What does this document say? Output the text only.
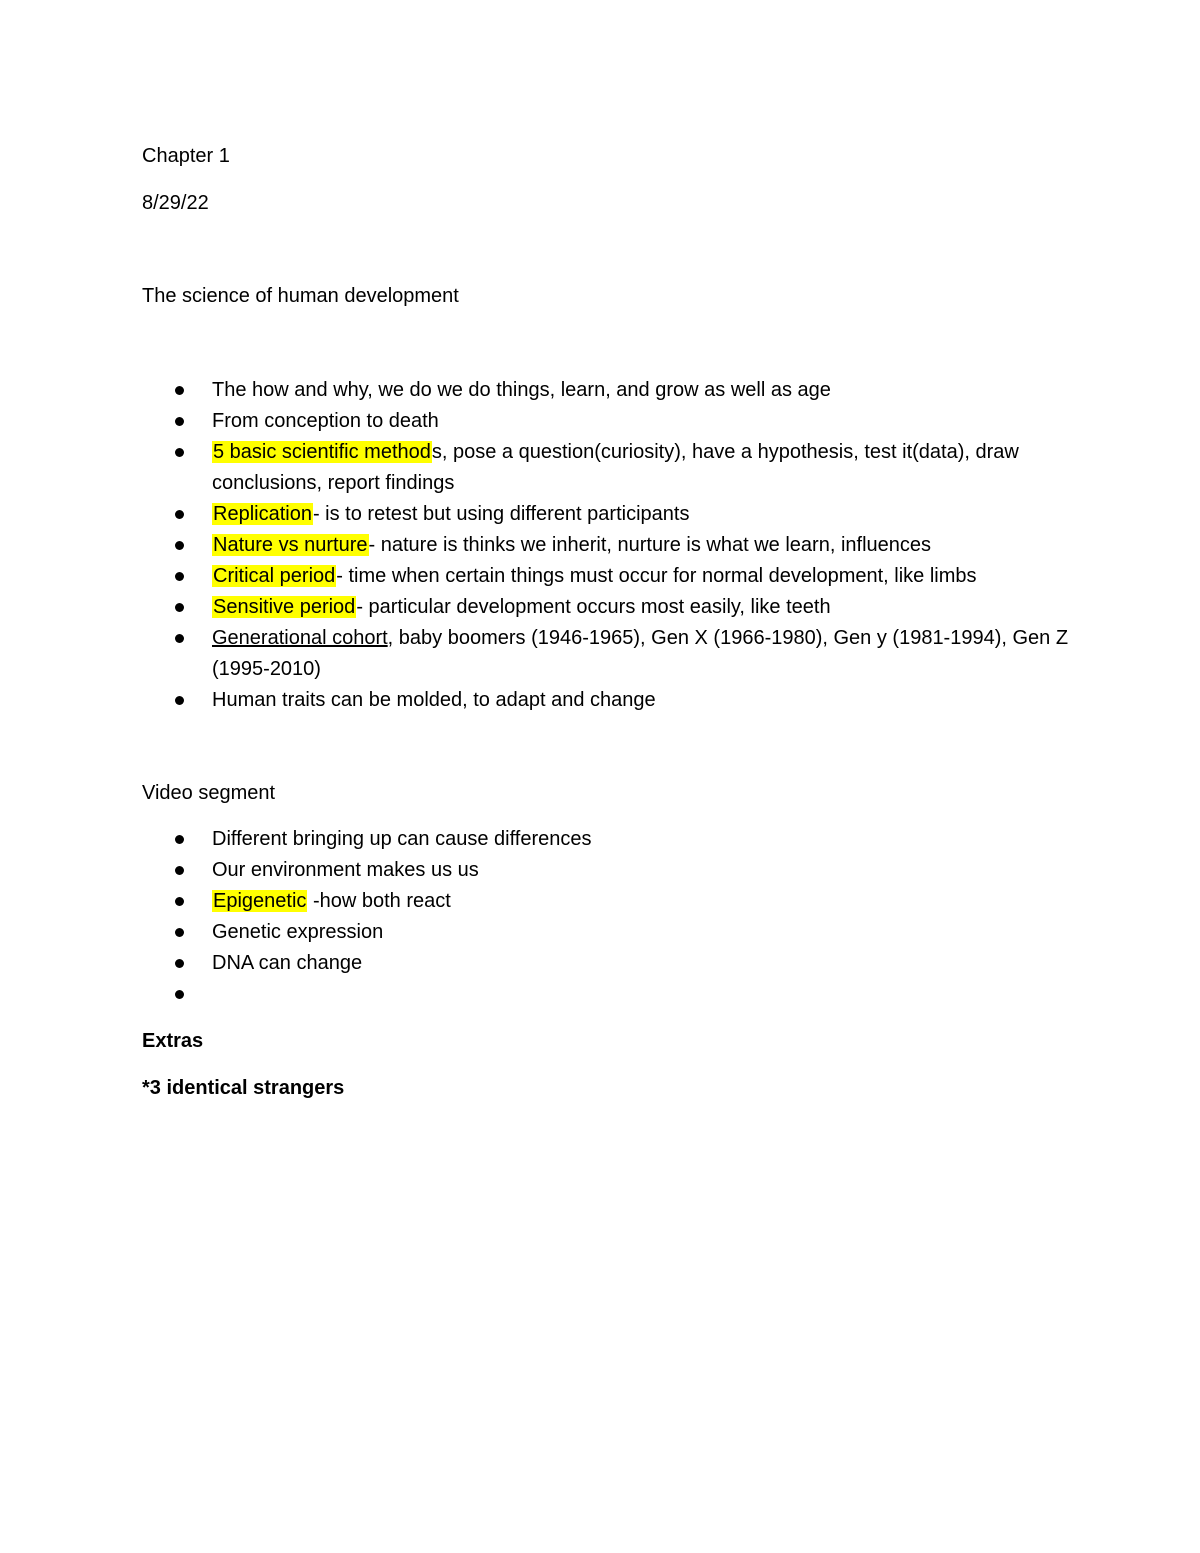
Chapter 1
8/29/22
The science of human development
The how and why, we do we do things, learn, and grow as well as age
From conception to death
5 basic scientific methods, pose a question(curiosity), have a hypothesis, test it(data), draw conclusions, report findings
Replication- is to retest but using different participants
Nature vs nurture- nature is thinks we inherit, nurture is what we learn, influences
Critical period- time when certain things must occur for normal development, like limbs
Sensitive period- particular development occurs most easily, like teeth
Generational cohort, baby boomers (1946-1965), Gen X (1966-1980), Gen y (1981-1994), Gen Z (1995-2010)
Human traits can be molded, to adapt and change
Video segment
Different bringing up can cause differences
Our environment makes us us
Epigenetic -how both react
Genetic expression
DNA can change
Extras
*3 identical strangers
